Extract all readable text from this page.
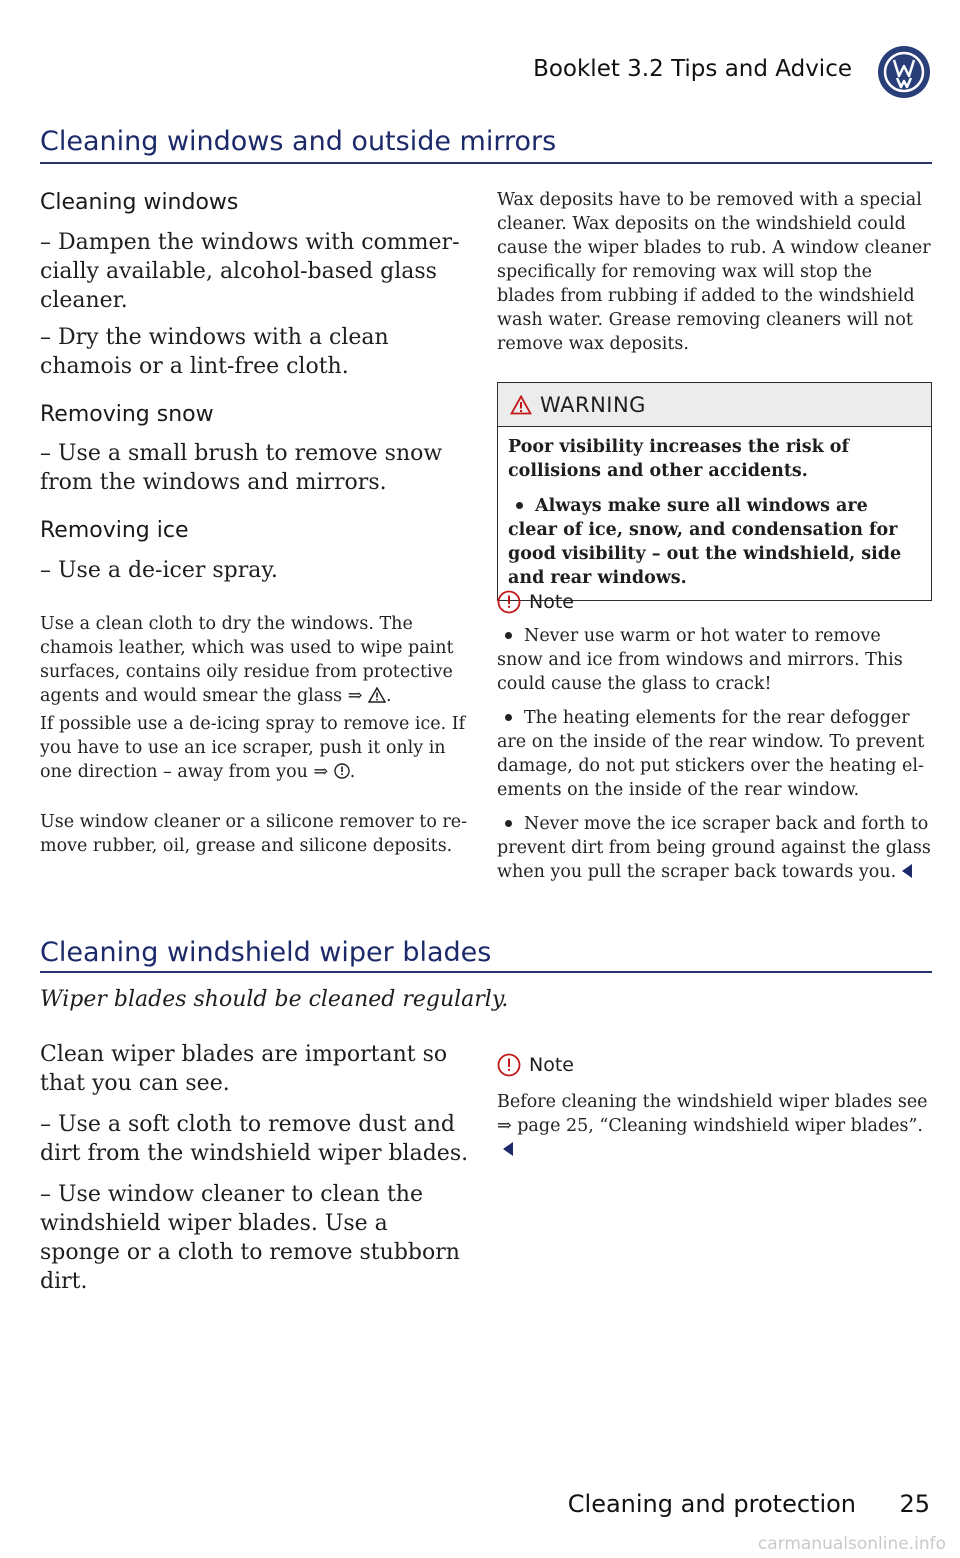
Booklet 3.2 Tips and Advice
Cleaning windows and outside mirrors
Cleaning windows

– Dampen the windows with commercially available, alcohol-based glass cleaner.

– Dry the windows with a clean chamois or a lint-free cloth.

Removing snow

– Use a small brush to remove snow from the windows and mirrors.

Removing ice

– Use a de-icer spray.

Use a clean cloth to dry the windows. The chamois leather, which was used to wipe paint surfaces, contains oily residue from protective agents and would smear the glass ⇒ .

If possible use a de-icing spray to remove ice. If you have to use an ice scraper, push it only in one direction – away from you ⇒ .

Use window cleaner or a silicone remover to remove rubber, oil, grease and silicone deposits.

Wax deposits have to be removed with a special cleaner. Wax deposits on the windshield could cause the wiper blades to rub. A window cleaner specifically for removing wax will stop the blades from rubbing if added to the windshield wash water. Grease removing cleaners will not remove wax deposits.

WARNING

Poor visibility increases the risk of collisions and other accidents.

Always make sure all windows are clear of ice, snow, and condensation for good visibility – out the windshield, side and rear windows.

Note

Never use warm or hot water to remove snow and ice from windows and mirrors. This could cause the glass to crack!

The heating elements for the rear defogger are on the inside of the rear window. To prevent damage, do not put stickers over the heating elements on the inside of the rear window.

Never move the ice scraper back and forth to prevent dirt from being ground against the glass when you pull the scraper back towards you.

Cleaning windshield wiper blades

Wiper blades should be cleaned regularly.

Clean wiper blades are important so that you can see.

– Use a soft cloth to remove dust and dirt from the windshield wiper blades.

– Use window cleaner to clean the windshield wiper blades. Use a sponge or a cloth to remove stubborn dirt.

Note

Before cleaning the windshield wiper blades see ⇒ page 25, “Cleaning windshield wiper blades”.

Cleaning and protection 25
carmanualsonline.info
